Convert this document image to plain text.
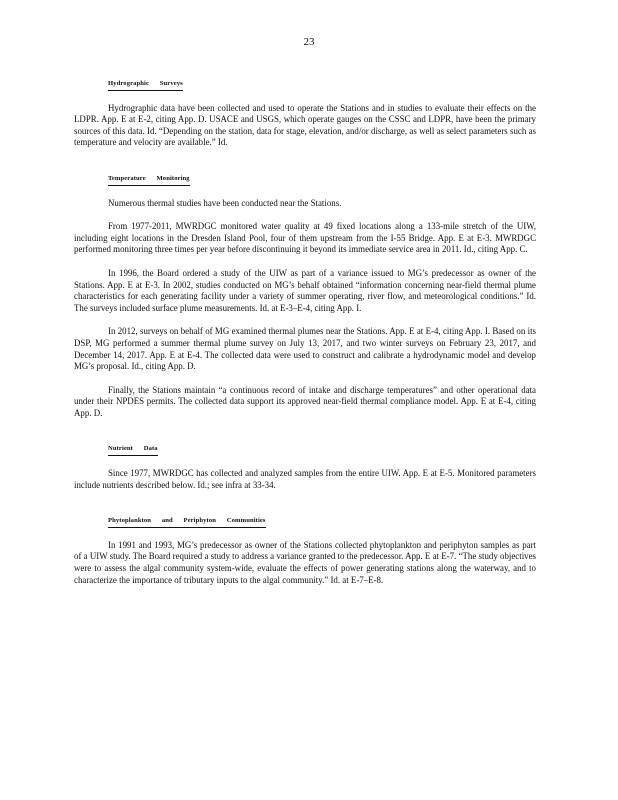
23
Hydrographic Surveys

Hydrographic data have been collected and used to operate the Stations and in studies to evaluate their effects on the LDPR. App. E at E-2, citing App. D. USACE and USGS, which operate gauges on the CSSC and LDPR, have been the primary sources of this data. Id. “Depending on the station, data for stage, elevation, and/or discharge, as well as select parameters such as temperature and velocity are available.” Id.

Temperature Monitoring

Numerous thermal studies have been conducted near the Stations.

From 1977-2011, MWRDGC monitored water quality at 49 fixed locations along a 133-mile stretch of the UIW, including eight locations in the Dresden Island Pool, four of them upstream from the I-55 Bridge. App. E at E-3. MWRDGC performed monitoring three times per year before discontinuing it beyond its immediate service area in 2011. Id., citing App. C.

In 1996, the Board ordered a study of the UIW as part of a variance issued to MG’s predecessor as owner of the Stations. App. E at E-3. In 2002, studies conducted on MG’s behalf obtained “information concerning near-field thermal plume characteristics for each generating facility under a variety of summer operating, river flow, and meteorological conditions.” Id. The surveys included surface plume measurements. Id. at E-3–E-4, citing App. I.

In 2012, surveys on behalf of MG examined thermal plumes near the Stations. App. E at E-4, citing App. I. Based on its DSP, MG performed a summer thermal plume survey on July 13, 2017, and two winter surveys on February 23, 2017, and December 14, 2017. App. E at E-4. The collected data were used to construct and calibrate a hydrodynamic model and develop MG’s proposal. Id., citing App. D.

Finally, the Stations maintain “a continuous record of intake and discharge temperatures” and other operational data under their NPDES permits. The collected data support its approved near-field thermal compliance model. App. E at E-4, citing App. D.

Nutrient Data

Since 1977, MWRDGC has collected and analyzed samples from the entire UIW. App. E at E-5. Monitored parameters include nutrients described below. Id.; see infra at 33-34.

Phytoplankton and Periphyton Communities

In 1991 and 1993, MG’s predecessor as owner of the Stations collected phytoplankton and periphyton samples as part of a UIW study. The Board required a study to address a variance granted to the predecessor. App. E at E-7. “The study objectives were to assess the algal community system-wide, evaluate the effects of power generating stations along the waterway, and to characterize the importance of tributary inputs to the algal community.” Id. at E-7–E-8.
